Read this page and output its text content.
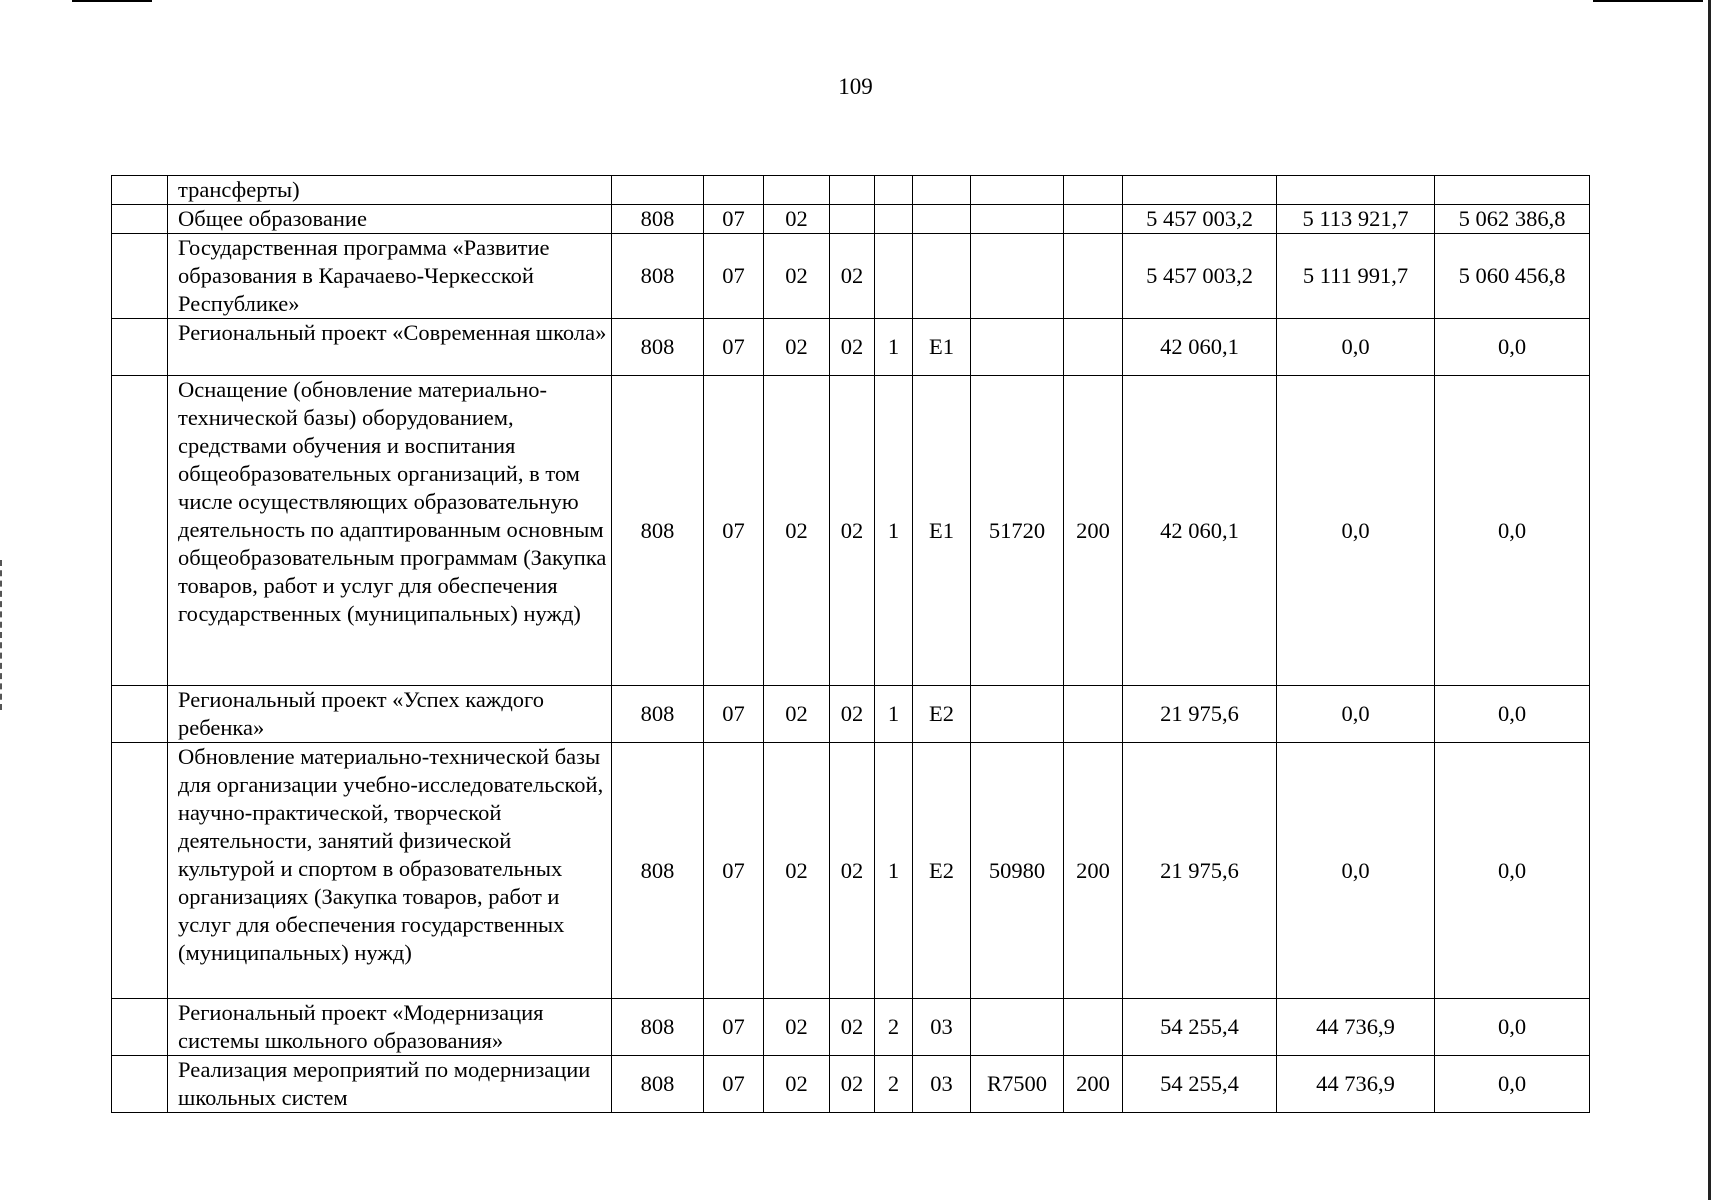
109
	трансферты)											
	Общее образование	808	07	02						5 457 003,2	5 113 921,7	5 062 386,8
	Государственная программа «Развитие образования в Карачаево-Черкесской Республике»	808	07	02	02					5 457 003,2	5 111 991,7	5 060 456,8
	Региональный проект «Современная школа»	808	07	02	02	1	E1			42 060,1	0,0	0,0
	Оснащение (обновление материально-технической базы) оборудованием, средствами обучения и воспитания общеобразовательных организаций, в том числе осуществляющих образовательную деятельность по адаптированным основным общеобразовательным программам (Закупка товаров, работ и услуг для обеспечения государственных (муниципальных) нужд)	808	07	02	02	1	E1	51720	200	42 060,1	0,0	0,0
	Региональный проект «Успех каждого ребенка»	808	07	02	02	1	E2			21 975,6	0,0	0,0
	Обновление материально-технической базы для организации учебно-исследовательской, научно-практической, творческой деятельности, занятий физической культурой и спортом в образовательных организациях (Закупка товаров, работ и услуг для обеспечения государственных (муниципальных) нужд)	808	07	02	02	1	E2	50980	200	21 975,6	0,0	0,0
	Региональный проект «Модернизация системы школьного образования»	808	07	02	02	2	03			54 255,4	44 736,9	0,0
	Реализация мероприятий по модернизации школьных систем	808	07	02	02	2	03	R7500	200	54 255,4	44 736,9	0,0
